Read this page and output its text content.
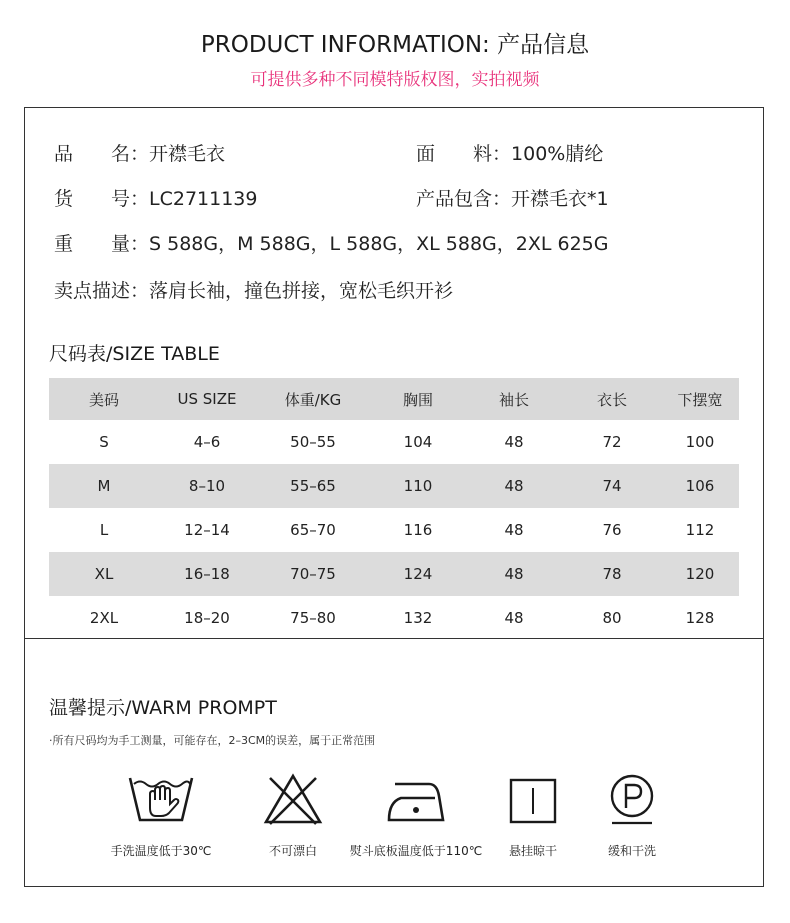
PRODUCT INFORMATION: 产品信息
可提供多种不同模特版权图，实拍视频
品　　名：开襟毛衣	面　　料：100%腈纶
货　　号：LC2711139	产品包含：开襟毛衣*1
重　　量：S 588G，M 588G，L 588G，XL 588G，2XL 625G
卖点描述：落肩长袖，撞色拼接，宽松毛织开衫
尺码表/SIZE TABLE
美码	US SIZE	体重/KG	胸围	袖长	衣长	下摆宽
S	4–6	50–55	104	48	72	100
M	8–10	55–65	110	48	74	106
L	12–14	65–70	116	48	76	112
XL	16–18	70–75	124	48	78	120
2XL	18–20	75–80	132	48	80	128
温馨提示/WARM PROMPT
·所有尺码均为手工测量，可能存在，2–3CM的误差，属于正常范围
手洗温度低于30℃	不可漂白	熨斗底板温度低于110℃ 悬挂晾干	缓和干洗
